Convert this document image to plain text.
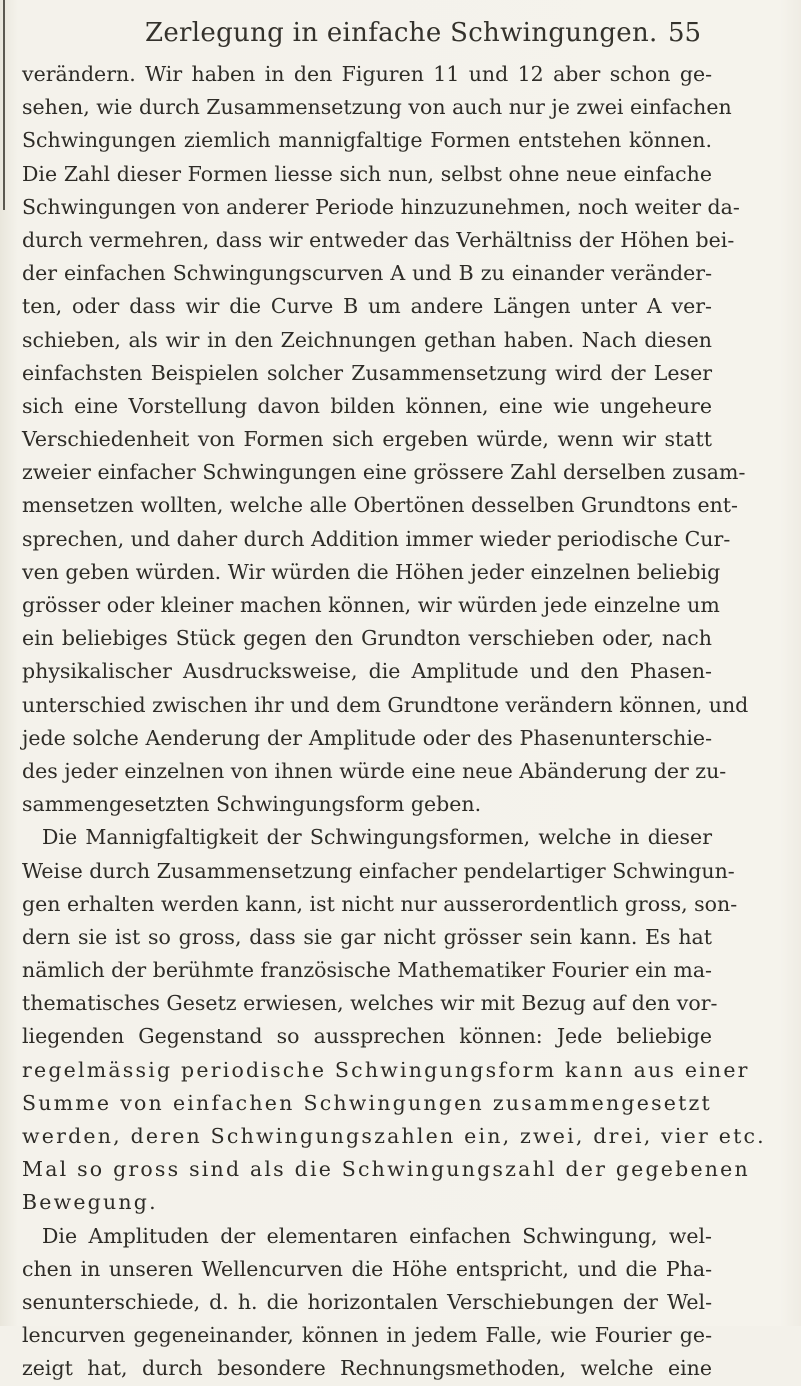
Zerlegung in einfache Schwingungen. 55
verändern. Wir haben in den Figuren 11 und 12 aber schon ge-
sehen, wie durch Zusammensetzung von auch nur je zwei einfachen
Schwingungen ziemlich mannigfaltige Formen entstehen können.
Die Zahl dieser Formen liesse sich nun, selbst ohne neue einfache
Schwingungen von anderer Periode hinzuzunehmen, noch weiter da-
durch vermehren, dass wir entweder das Verhältniss der Höhen bei-
der einfachen Schwingungscurven A und B zu einander veränder-
ten, oder dass wir die Curve B um andere Längen unter A ver-
schieben, als wir in den Zeichnungen gethan haben. Nach diesen
einfachsten Beispielen solcher Zusammensetzung wird der Leser
sich eine Vorstellung davon bilden können, eine wie ungeheure
Verschiedenheit von Formen sich ergeben würde, wenn wir statt
zweier einfacher Schwingungen eine grössere Zahl derselben zusam-
mensetzen wollten, welche alle Obertönen desselben Grundtons ent-
sprechen, und daher durch Addition immer wieder periodische Cur-
ven geben würden. Wir würden die Höhen jeder einzelnen beliebig
grösser oder kleiner machen können, wir würden jede einzelne um
ein beliebiges Stück gegen den Grundton verschieben oder, nach
physikalischer Ausdrucksweise, die Amplitude und den Phasen-
unterschied zwischen ihr und dem Grundtone verändern können, und
jede solche Aenderung der Amplitude oder des Phasenunterschie-
des jeder einzelnen von ihnen würde eine neue Abänderung der zu-
sammengesetzten Schwingungsform geben.
Die Mannigfaltigkeit der Schwingungsformen, welche in dieser
Weise durch Zusammensetzung einfacher pendelartiger Schwingun-
gen erhalten werden kann, ist nicht nur ausserordentlich gross, son-
dern sie ist so gross, dass sie gar nicht grösser sein kann. Es hat
nämlich der berühmte französische Mathematiker Fourier ein ma-
thematisches Gesetz erwiesen, welches wir mit Bezug auf den vor-
liegenden Gegenstand so aussprechen können: Jede beliebige
regelmässig periodische Schwingungsform kann aus einer
Summe von einfachen Schwingungen zusammengesetzt
werden, deren Schwingungszahlen ein, zwei, drei, vier etc.
Mal so gross sind als die Schwingungszahl der gegebenen
Bewegung.
Die Amplituden der elementaren einfachen Schwingung, wel-
chen in unseren Wellencurven die Höhe entspricht, und die Pha-
senunterschiede, d. h. die horizontalen Verschiebungen der Wel-
lencurven gegeneinander, können in jedem Falle, wie Fourier ge-
zeigt hat, durch besondere Rechnungsmethoden, welche eine
